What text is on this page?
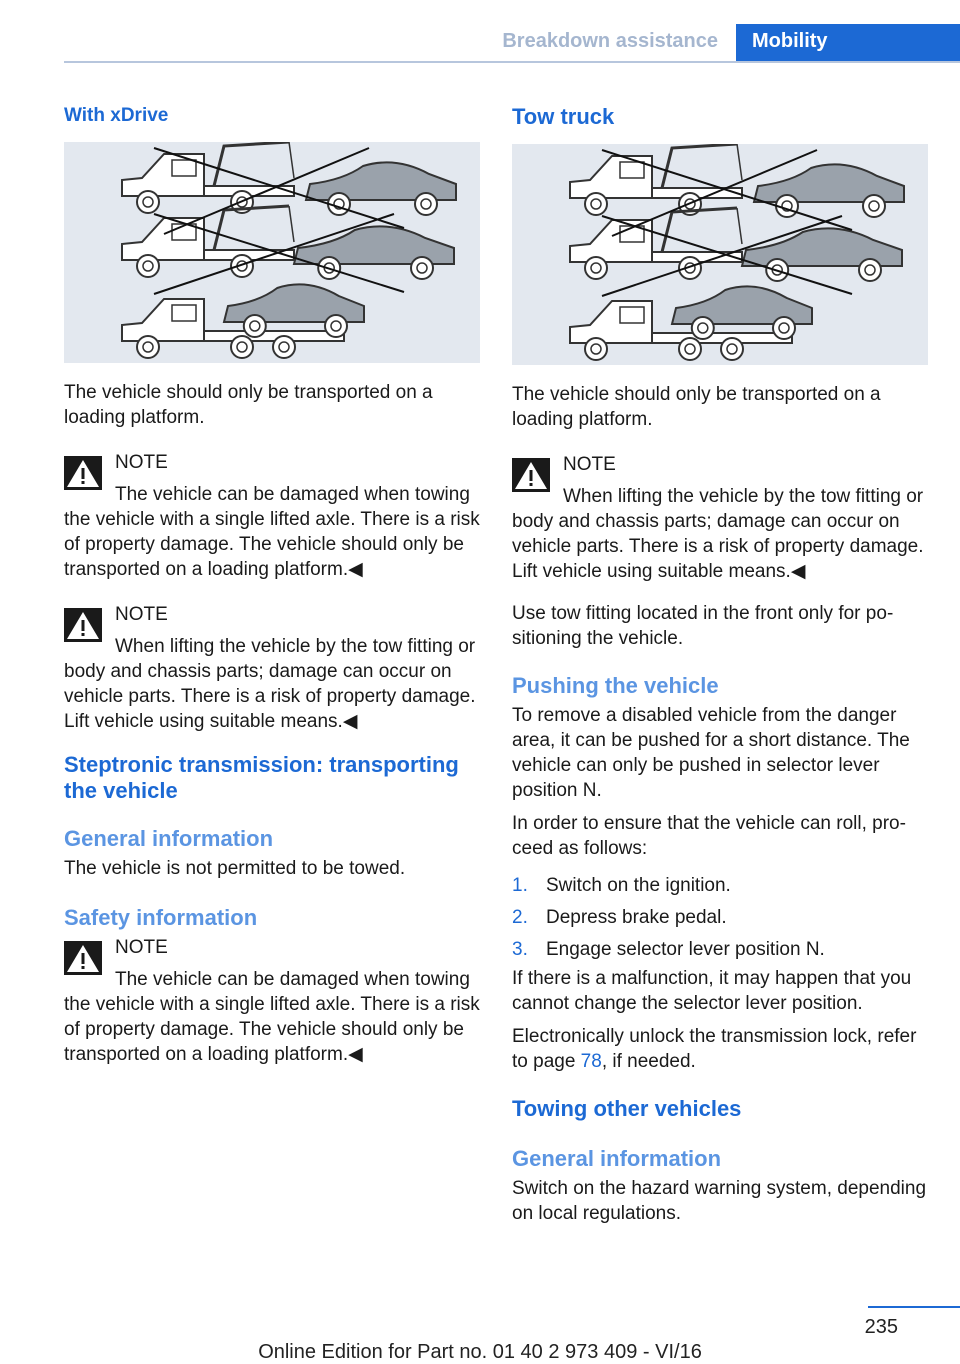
Breakdown assistance	Mobility
With xDrive

The vehicle should only be transported on a loading platform.

NOTE

The vehicle can be damaged when towing the vehicle with a single lifted axle. There is a risk of property damage. The vehicle should only be transported on a loading platform.◀

NOTE

When lifting the vehicle by the tow fitting or body and chassis parts; damage can occur on vehicle parts. There is a risk of property damage. Lift vehicle using suitable means.◀

Steptronic transmission: transporting the vehicle
General information

The vehicle is not permitted to be towed.

Safety information
NOTE

The vehicle can be damaged when towing the vehicle with a single lifted axle. There is a risk of property damage. The vehicle should only be transported on a loading platform.◀

Tow truck

The vehicle should only be transported on a loading platform.

NOTE

When lifting the vehicle by the tow fitting or body and chassis parts; damage can occur on vehicle parts. There is a risk of property damage. Lift vehicle using suitable means.◀

Use tow fitting located in the front only for positioning the vehicle.

Pushing the vehicle

To remove a disabled vehicle from the danger area, it can be pushed for a short distance. The vehicle can only be pushed in selector lever position N.

In order to ensure that the vehicle can roll, proceed as follows:

1. Switch on the ignition.
2. Depress brake pedal.
3. Engage selector lever position N.

If there is a malfunction, it may happen that you cannot change the selector lever position.

Electronically unlock the transmission lock, refer to page 78, if needed.

Towing other vehicles
General information

Switch on the hazard warning system, depending on local regulations.

235
Online Edition for Part no. 01 40 2 973 409 - VI/16
